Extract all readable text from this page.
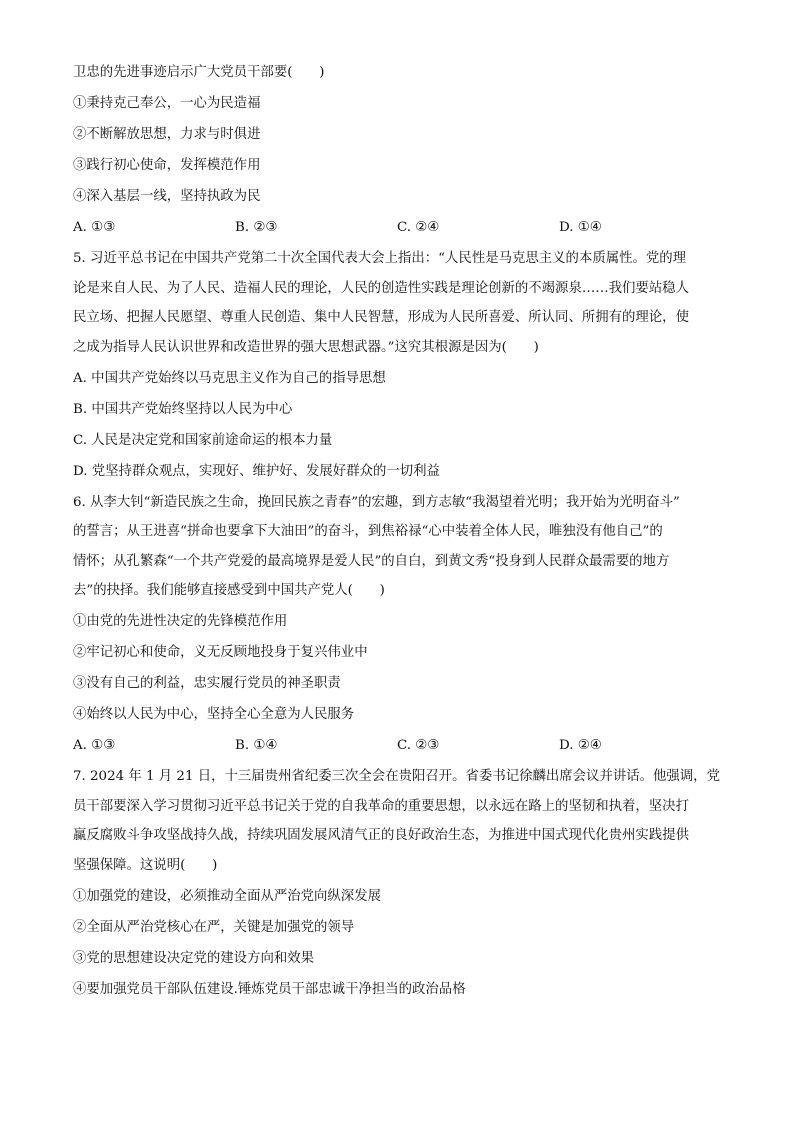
卫忠的先进事迹启示广大党员干部要(　　)
①秉持克己奉公，一心为民造福
②不断解放思想，力求与时俱进
③践行初心使命，发挥模范作用
④深入基层一线，坚持执政为民
A. ①③	B. ②③	C. ②④	D. ①④
5. 习近平总书记在中国共产党第二十次全国代表大会上指出：“人民性是马克思主义的本质属性。党的理
论是来自人民、为了人民、造福人民的理论，人民的创造性实践是理论创新的不竭源泉……我们要站稳人
民立场、把握人民愿望、尊重人民创造、集中人民智慧，形成为人民所喜爱、所认同、所拥有的理论，使
之成为指导人民认识世界和改造世界的强大思想武器。”这究其根源是因为(　　)
A. 中国共产党始终以马克思主义作为自己的指导思想
B. 中国共产党始终坚持以人民为中心
C. 人民是决定党和国家前途命运的根本力量
D. 党坚持群众观点，实现好、维护好、发展好群众的一切利益
6. 从李大钊“新造民族之生命，挽回民族之青春”的宏趣，到方志敏“我渴望着光明；我开始为光明奋斗”
的誓言；从王进喜“拼命也要拿下大油田”的奋斗，到焦裕禄“心中装着全体人民，唯独没有他自己”的
情怀；从孔繁森“一个共产党爱的最高境界是爱人民”的自白，到黄文秀“投身到人民群众最需要的地方
去”的抉择。我们能够直接感受到中国共产党人(　　)
①由党的先进性决定的先锋模范作用
②牢记初心和使命，义无反顾地投身于复兴伟业中
③没有自己的利益，忠实履行党员的神圣职责
④始终以人民为中心，坚持全心全意为人民服务
A. ①③	B. ①④	C. ②③	D. ②④
7. 2024 年 1 月 21 日，十三届贵州省纪委三次全会在贵阳召开。省委书记徐麟出席会议并讲话。他强调，党
员干部要深入学习贯彻习近平总书记关于党的自我革命的重要思想，以永远在路上的坚韧和执着，坚决打
赢反腐败斗争攻坚战持久战，持续巩固发展风清气正的良好政治生态，为推进中国式现代化贵州实践提供
坚强保障。这说明(　　)
①加强党的建设，必须推动全面从严治党向纵深发展
②全面从严治党核心在严，关键是加强党的领导
③党的思想建设决定党的建设方向和效果
④要加强党员干部队伍建设.锤炼党员干部忠诚干净担当的政治品格
